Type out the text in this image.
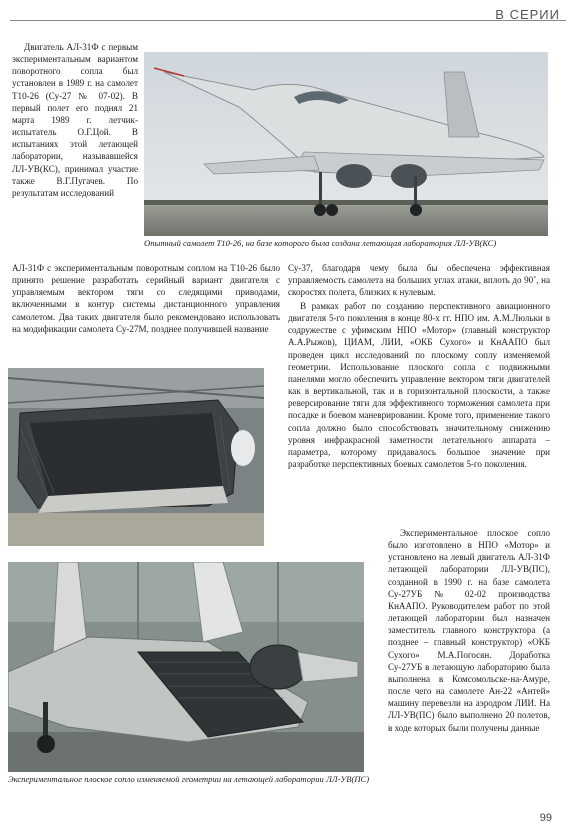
В СЕРИИ

Двигатель АЛ-31Ф с первым экспериментальным вариантом поворотного сопла был установлен в 1989 г. на самолет Т10-26 (Су-27 № 07-02). В первый полет его поднял 21 марта 1989 г. летчик-испытатель О.Г.Цой. В испытаниях этой летающей лаборатории, называвшейся ЛЛ-УВ(КС), принимал участие также В.Г.Пугачев. По результатам исследований

Опытный самолет Т10-26, на базе которого была создана летающая лаборатория ЛЛ-УВ(КС)

АЛ-31Ф с экспериментальным поворотным соплом на Т10-26 было принято решение разработать серийный вариант двигателя с управляемым вектором тяги со следящими приводами, включенными в контур системы дистанционного управления самолетом. Два таких двигателя было рекомендовано использовать на модификации самолета Су-27М, позднее получившей название

Су-37, благодаря чему была бы обеспечена эффективная управляемость самолета на больших углах атаки, вплоть до 90˚, на скоростях полета, близких к нулевым.

В рамках работ по созданию перспективного авиационного двигателя 5-го поколения в конце 80-х гг. НПО им. А.М.Люльки в содружестве с уфимским НПО «Мотор» (главный конструктор А.А.Рыжов), ЦИАМ, ЛИИ, «ОКБ Сухого» и КнААПО был проведен цикл исследований по плоскому соплу изменяемой геометрии. Использование плоского сопла с подвижными панелями могло обеспечить управление вектором тяги двигателей как в вертикальной, так и в горизонтальной плоскости, а также реверсирование тяги для эффективного торможения самолета при посадке и боевом маневрировании. Кроме того, применение такого сопла должно было способствовать значительному снижению уровня инфракрасной заметности летательного аппарата – параметра, которому придавалось большое значение при разработке перспективных боевых самолетов 5-го поколения.

Экспериментальное плоское сопло было изготовлено в НПО «Мотор» и установлено на левый двигатель АЛ-31Ф летающей лаборатории ЛЛ-УВ(ПС), созданной в 1990 г. на базе самолета Су-27УБ № 02-02 производства КнААПО. Руководителем работ по этой летающей лаборатории был назначен заместитель главного конструктора (а позднее – главный конструктор) «ОКБ Сухого» М.А.Погосян. Доработка Су-27УБ в летающую лабораторию была выполнена в Комсомольске-на-Амуре, после чего на самолете Ан-22 «Антей» машину перевезли на аэродром ЛИИ. На ЛЛ-УВ(ПС) было выполнено 20 полетов, в ходе которых были получены данные

Экспериментальное плоское сопло изменяемой геометрии на летающей лаборатории ЛЛ-УВ(ПС)
99
